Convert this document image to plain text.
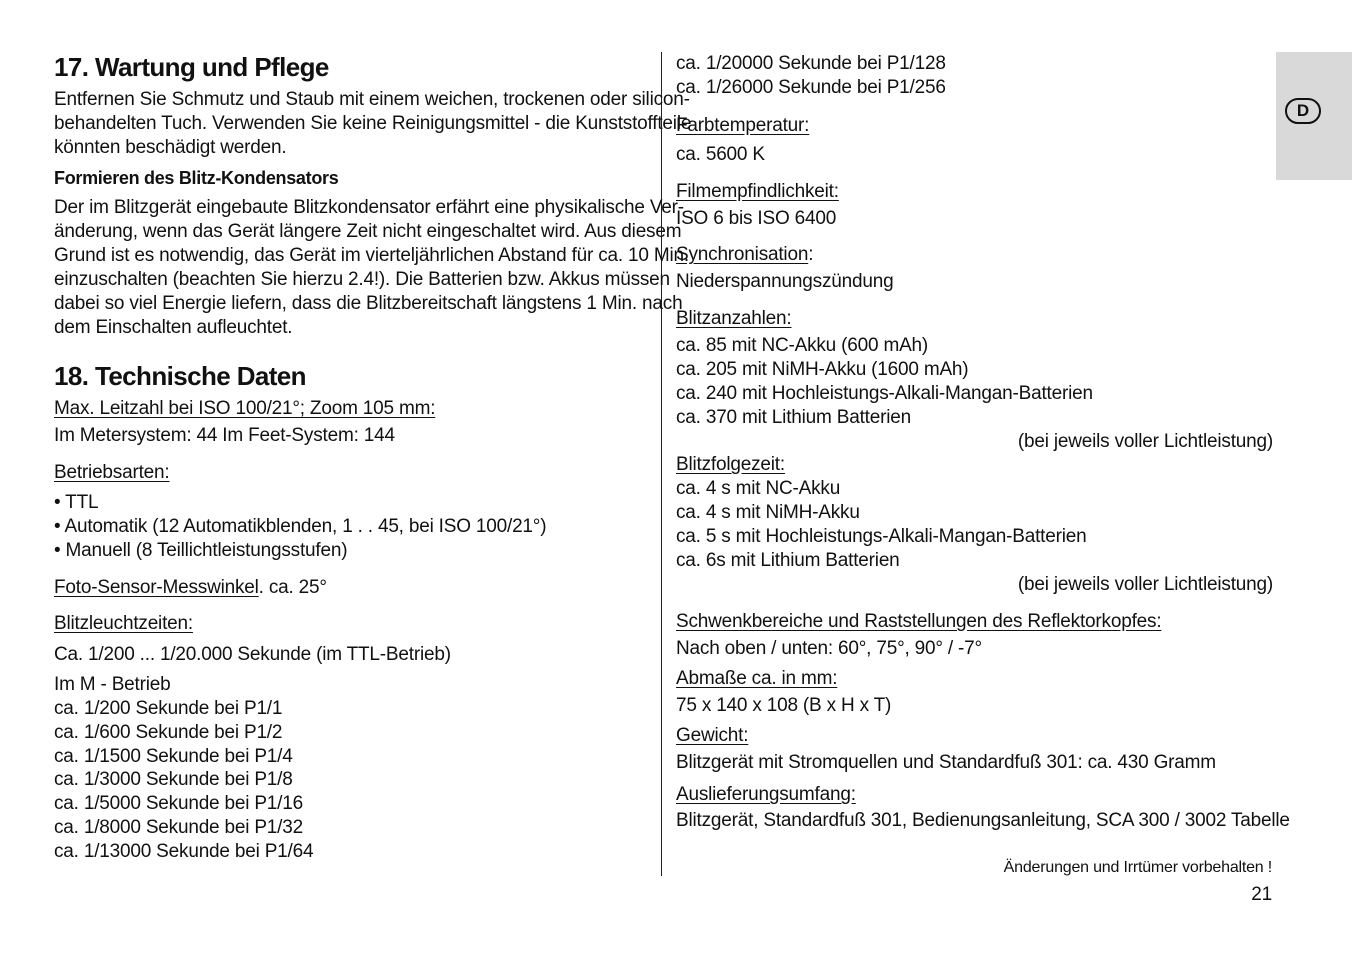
D
17. Wartung und Pflege
Entfernen Sie Schmutz und Staub mit einem weichen, trockenen oder silicon-
behandelten Tuch. Verwenden Sie keine Reinigungsmittel - die Kunststoffteile
könnten beschädigt werden.
Formieren des Blitz-Kondensators
Der im Blitzgerät eingebaute Blitzkondensator erfährt eine physikalische Ver-
änderung, wenn das Gerät längere Zeit nicht eingeschaltet wird. Aus diesem
Grund ist es notwendig, das Gerät im vierteljährlichen Abstand für ca. 10 Min.
einzuschalten (beachten Sie hierzu 2.4!). Die Batterien bzw. Akkus müssen
dabei so viel Energie liefern, dass die Blitzbereitschaft längstens 1 Min. nach
dem Einschalten aufleuchtet.
18. Technische Daten
Max. Leitzahl bei ISO 100/21°; Zoom 105 mm:
Im Metersystem: 44 Im Feet-System: 144
Betriebsarten:
• TTL
• Automatik (12 Automatikblenden, 1 . . 45, bei ISO 100/21°)
• Manuell (8 Teillichtleistungsstufen)
Foto-Sensor-Messwinkel. ca. 25°
Blitzleuchtzeiten:
Ca. 1/200 ... 1/20.000 Sekunde (im TTL-Betrieb)
Im M - Betrieb
ca. 1/200 Sekunde bei P1/1
ca. 1/600 Sekunde bei P1/2
ca. 1/1500 Sekunde bei P1/4
ca. 1/3000 Sekunde bei P1/8
ca. 1/5000 Sekunde bei P1/16
ca. 1/8000 Sekunde bei P1/32
ca. 1/13000 Sekunde bei P1/64
ca. 1/20000 Sekunde bei P1/128
ca. 1/26000 Sekunde bei P1/256
Farbtemperatur:
ca. 5600 K
Filmempfindlichkeit:
ISO 6 bis ISO 6400
Synchronisation:
Niederspannungszündung
Blitzanzahlen:
ca. 85 mit NC-Akku (600 mAh)
ca. 205 mit NiMH-Akku (1600 mAh)
ca. 240 mit Hochleistungs-Alkali-Mangan-Batterien
ca. 370 mit Lithium Batterien
(bei jeweils voller Lichtleistung)
Blitzfolgezeit:
ca. 4 s mit NC-Akku
ca. 4 s mit NiMH-Akku
ca. 5 s mit Hochleistungs-Alkali-Mangan-Batterien
ca. 6s mit Lithium Batterien
(bei jeweils voller Lichtleistung)
Schwenkbereiche und Raststellungen des Reflektorkopfes:
Nach oben / unten: 60°, 75°, 90° / -7°
Abmaße ca. in mm:
75 x 140 x 108 (B x H x T)
Gewicht:
Blitzgerät mit Stromquellen und Standardfuß 301: ca. 430 Gramm
Auslieferungsumfang:
Blitzgerät, Standardfuß 301, Bedienungsanleitung, SCA 300 / 3002 Tabelle
Änderungen und Irrtümer vorbehalten !
21
